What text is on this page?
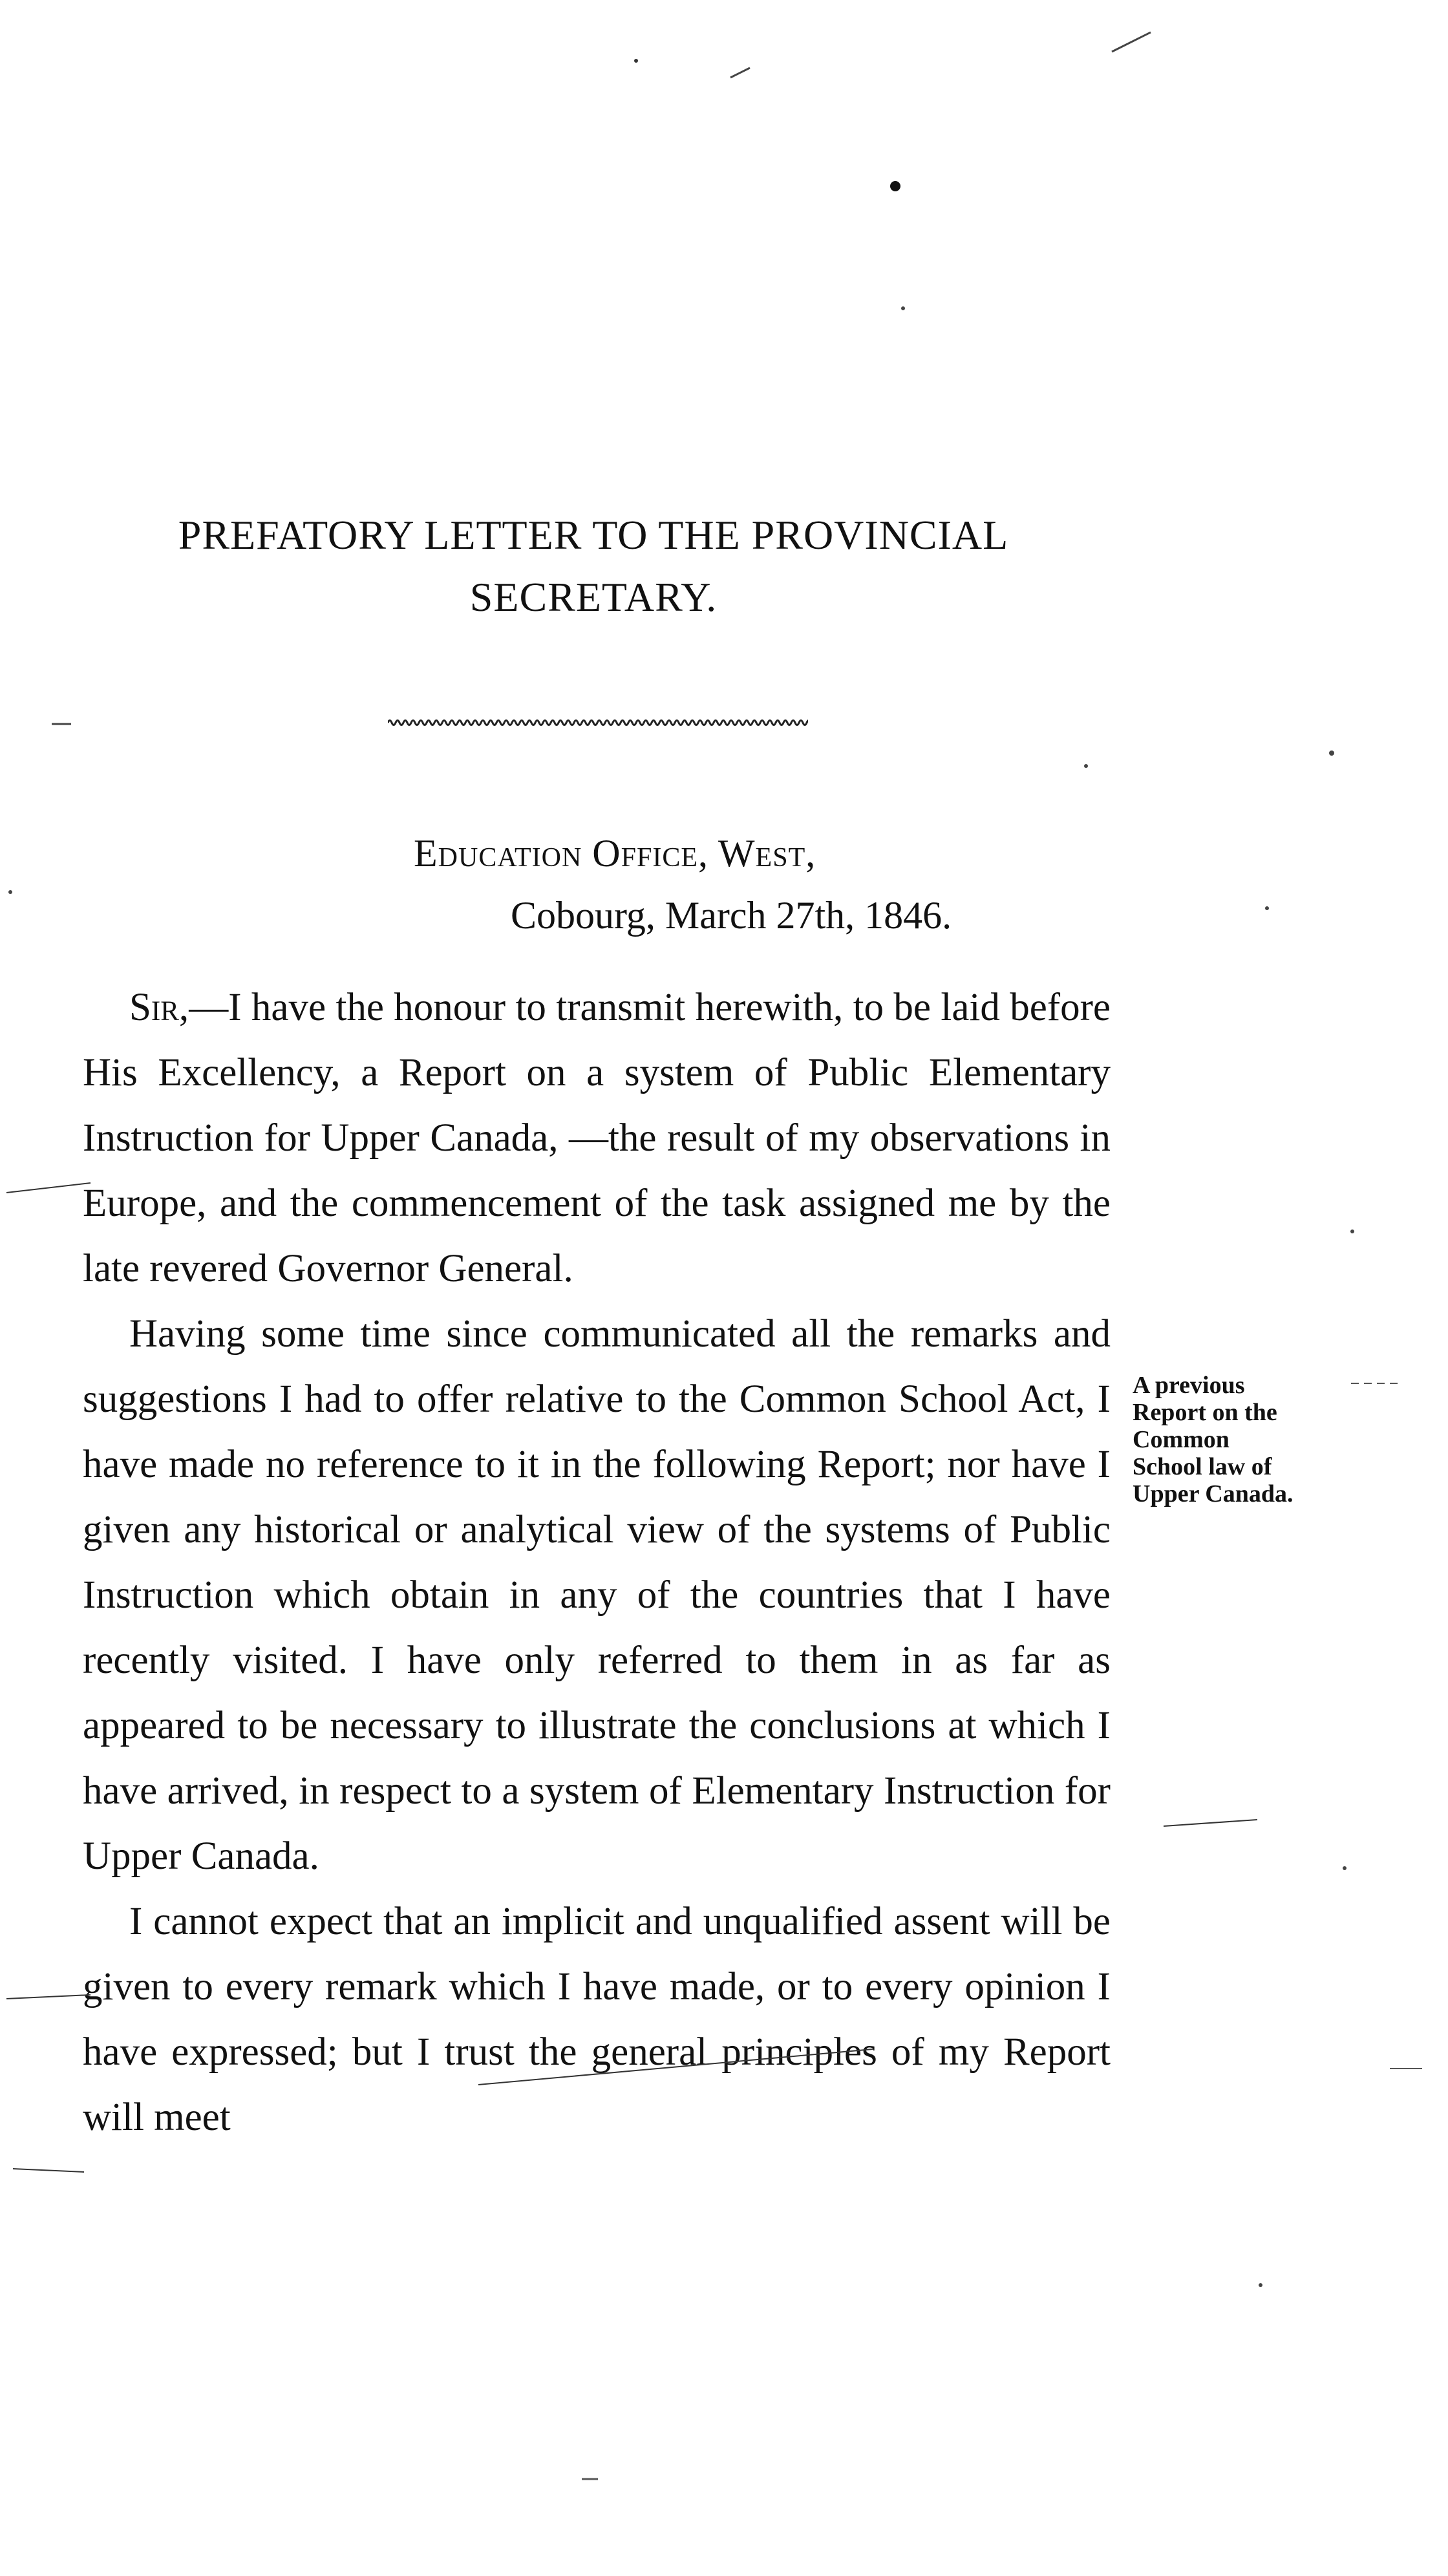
PREFATORY LETTER TO THE PROVINCIAL
SECRETARY.
Education Office, West,
Cobourg, March 27th, 1846.

Sir,—I have the honour to transmit herewith, to be laid before His Excellency, a Report on a system of Public Elementary Instruction for Upper Canada, —the result of my observations in Europe, and the commencement of the task assigned me by the late revered Governor General.

Having some time since communicated all the remarks and suggestions I had to offer relative to the Common School Act, I have made no reference to it in the following Report; nor have I given any historical or analytical view of the systems of Public Instruction which obtain in any of the countries that I have recently visited. I have only referred to them in as far as appeared to be necessary to illustrate the conclusions at which I have arrived, in respect to a system of Elementary Instruction for Upper Canada.

I cannot expect that an implicit and unqualified assent will be given to every remark which I have made, or to every opinion I have expressed; but I trust the general principles of my Report will meet

A previous Report on the Common School law of Upper Canada.
